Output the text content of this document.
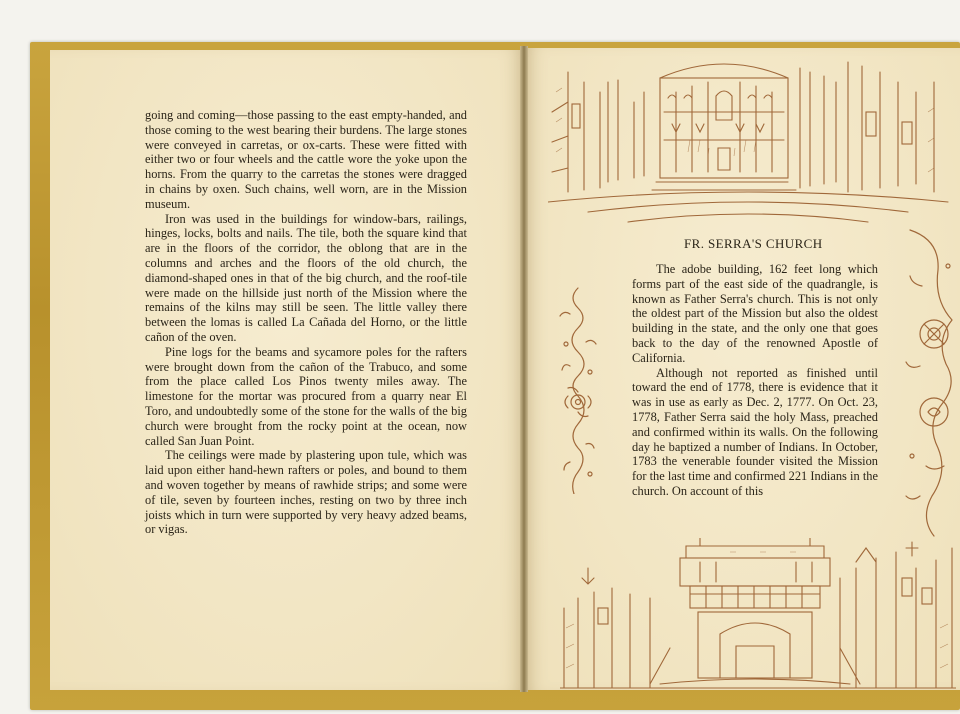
going and coming—those passing to the east empty-handed, and those coming to the west bearing their burdens. The large stones were conveyed in carretas, or ox-carts. These were fitted with either two or four wheels and the cattle wore the yoke upon the horns. From the quarry to the carretas the stones were dragged in chains by oxen. Such chains, well worn, are in the Mission museum.

Iron was used in the buildings for window-bars, railings, hinges, locks, bolts and nails. The tile, both the square kind that are in the floors of the corridor, the oblong that are in the columns and arches and the floors of the old church, the diamond-shaped ones in that of the big church, and the roof-tile were made on the hillside just north of the Mission where the remains of the kilns may still be seen. The little valley there between the lomas is called La Cañada del Horno, or the little cañon of the oven.

Pine logs for the beams and sycamore poles for the rafters were brought down from the cañon of the Trabuco, and some from the place called Los Pinos twenty miles away. The limestone for the mortar was procured from a quarry near El Toro, and undoubtedly some of the stone for the walls of the big church were brought from the rocky point at the ocean, now called San Juan Point.

The ceilings were made by plastering upon tule, which was laid upon either hand-hewn rafters or poles, and bound to them and woven together by means of rawhide strips; and some were of tile, seven by fourteen inches, resting on two by three inch joists which in turn were supported by very heavy adzed beams, or vigas.

FR. SERRA'S CHURCH

The adobe building, 162 feet long which forms part of the east side of the quadrangle, is known as Father Serra's church. This is not only the oldest part of the Mission but also the oldest building in the state, and the only one that goes back to the day of the renowned Apostle of California.

Although not reported as finished until toward the end of 1778, there is evidence that it was in use as early as Dec. 2, 1777. On Oct. 23, 1778, Father Serra said the holy Mass, preached and confirmed within its walls. On the following day he baptized a number of Indians. In October, 1783 the venerable founder visited the Mission for the last time and confirmed 221 Indians in the church. On account of this
